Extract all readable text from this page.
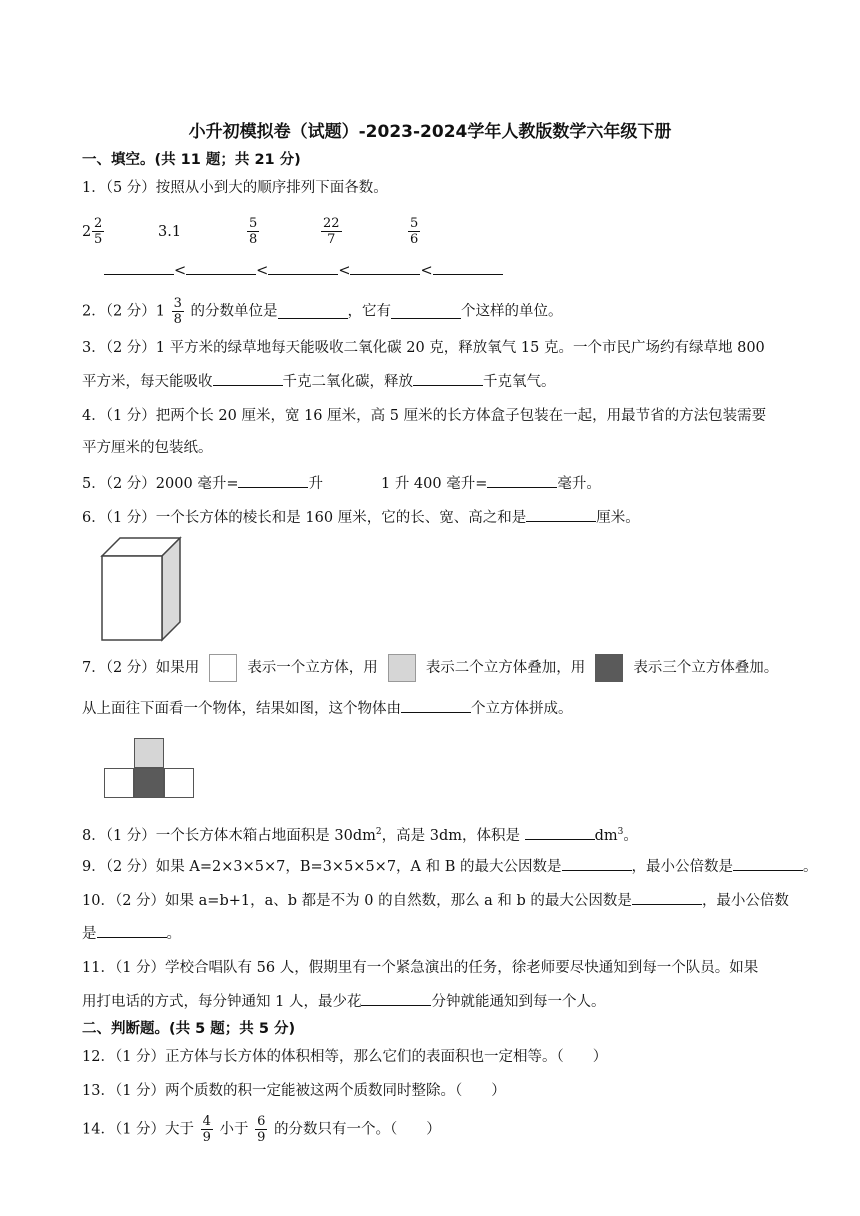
小升初模拟卷（试题）-2023-2024学年人教版数学六年级下册
一、填空。(共 11 题；共 21 分)
1．（5 分）按照从小到大的顺序排列下面各数。
$2 \frac{2}{5}$	3.1	$\frac{5}{8}$	$\frac{22}{7}$	$\frac{5}{6}$
<	<	<	<
2．（2 分）$1 \frac{3}{8}$ 的分数单位是	，它有	个这样的单位。
3．（2 分）1 平方米的绿草地每天能吸收二氧化碳 20 克，释放氧气 15 克。一个市民广场约有绿草地 800
平方米，每天能吸收	千克二氧化碳，释放	千克氧气。
4．（1 分）把两个长 20 厘米，宽 16 厘米，高 5 厘米的长方体盒子包装在一起，用最节省的方法包装需要
平方厘米的包装纸。
5．（2 分）2000 毫升=	升	1 升 400 毫升=	毫升。
6．（1 分）一个长方体的棱长和是 160 厘米，它的长、宽、高之和是	厘米。
7．（2 分）如果用	表示一个立方体，用	表示二个立方体叠加，用	表示三个立方体叠加。
从上面往下面看一个物体，结果如图，这个物体由	个立方体拼成。
8．（1 分）一个长方体木箱占地面积是 $30dm^2$，高是 3dm，体积是	$dm^3$。
9．（2 分）如果 A=2×3×5×7，B=3×5×5×7，A 和 B 的最大公因数是	，最小公倍数是	。
10．（2 分）如果 a=b+1，a、b 都是不为 0 的自然数，那么 a 和 b 的最大公因数是	，最小公倍数
是	。
11．（1 分）学校合唱队有 56 人，假期里有一个紧急演出的任务，徐老师要尽快通知到每一个队员。如果
用打电话的方式，每分钟通知 1 人，最少花	分钟就能通知到每一个人。
二、判断题。(共 5 题；共 5 分)
12．（1 分）正方体与长方体的体积相等，那么它们的表面积也一定相等。（　　）
13．（1 分）两个质数的积一定能被这两个质数同时整除。（　　）
14．（1 分）大于 $\frac{4}{9}$ 小于 $\frac{6}{9}$ 的分数只有一个。（　　）
